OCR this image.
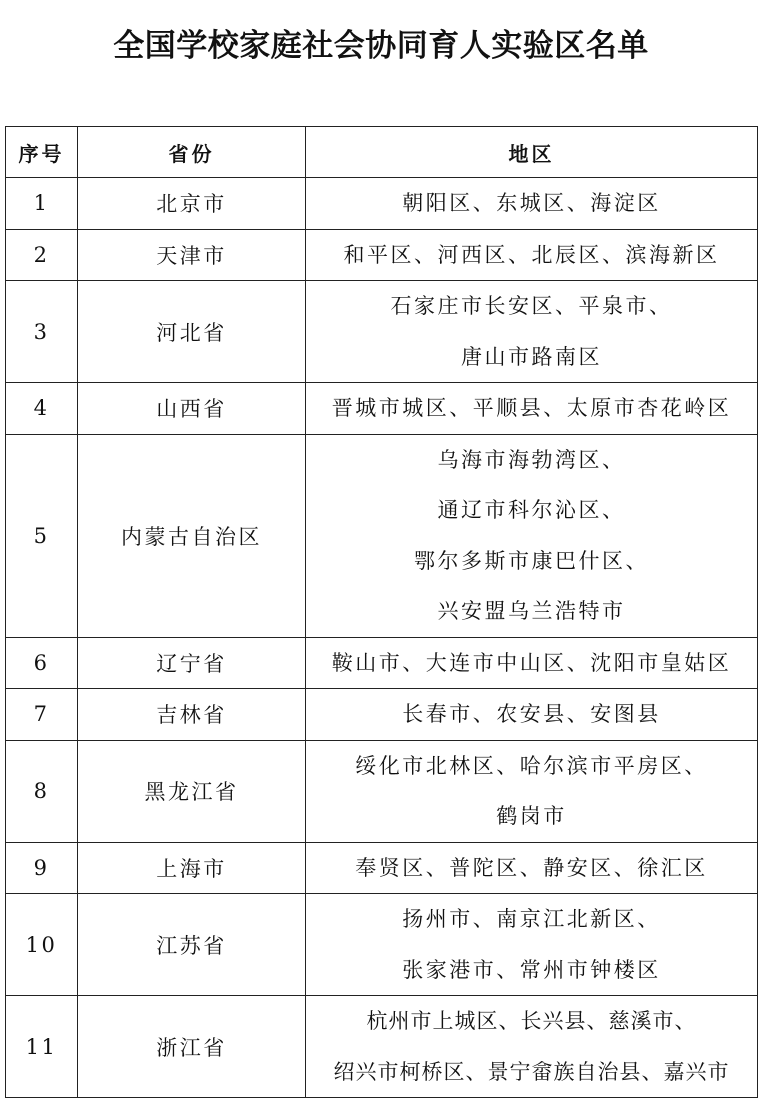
全国学校家庭社会协同育人实验区名单
序号	省份	地区
1	北京市	朝阳区、东城区、海淀区

2	天津市	和平区、河西区、北辰区、滨海新区

3	河北省	石家庄市长安区、平泉市、
唐山市路南区

4	山西省	晋城市城区、平顺县、太原市杏花岭区

5	内蒙古自治区	乌海市海勃湾区、
通辽市科尔沁区、
鄂尔多斯市康巴什区、
兴安盟乌兰浩特市

6	辽宁省	鞍山市、大连市中山区、沈阳市皇姑区

7	吉林省	长春市、农安县、安图县

8	黑龙江省	绥化市北林区、哈尔滨市平房区、
鹤岗市

9	上海市	奉贤区、普陀区、静安区、徐汇区

10	江苏省	扬州市、南京江北新区、
张家港市、常州市钟楼区

11	浙江省	杭州市上城区、长兴县、慈溪市、
绍兴市柯桥区、景宁畲族自治县、嘉兴市
